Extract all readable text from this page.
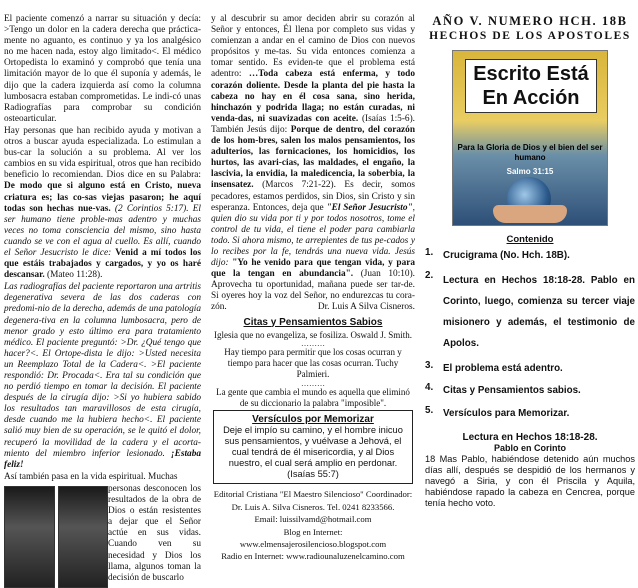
El paciente comenzó a narrar su situación y decía: >Tengo un dolor en la cadera derecha que práctica-mente no aguanto, es continuo y ya los analgésico no me hacen nada, estoy algo limitado<. El médico Ortopedista lo examinó y comprobó que tenía una limitación mayor de lo que él suponía y además, le dijo que la cadera izquierda así como la columna lumbosacra estaban comprometidas. Le indi-có unas Radiografías para comprobar su condición osteoarticular.

Hay personas que han recibido ayuda y motivan a otros a buscar ayuda especializada. Lo estimulan a bus-car la solución a su problema. Al ver los cambios en su vida espiritual, otros que han recibido beneficio lo recomiendan. Dios dice en su Palabra: De modo que si alguno está en Cristo, nueva criatura es; las co-sas viejas pasaron; he aquí todas son hechas nue-vas. (2 Corintios 5:17). El ser humano tiene proble-mas adentro y muchas veces no toma consciencia del mismo, sino hasta cuando se ve con el agua al cuello. Es allí, cuando el Señor Jesucristo le dice: Venid a mí todos los que estáis trabajados y cargados, y yo os haré descansar. (Mateo 11:28).

Las radiografías del paciente reportaron una artritis degenerativa severa de las dos caderas con predomi-nio de la derecha, además de una patología degenera-tiva en la columna lumbosacra, pero de menor grado y esto último era para tratamiento médico. El paciente preguntó: >Dr. ¿Qué tengo que hacer?<. El Ortope-dista le dijo: >Usted necesita un Reemplazo Total de la Cadera<. >El paciente respondió: Dr. Procada<. Era tal su condición que no perdió tiempo en tomar la decisión. El paciente después de la cirugía dijo: >Si yo hubiera sabido los resultados tan maravillosos de esta cirugía, desde cuando me la hubiera hecho<. El paciente salió muy bien de su operación, se le quitó el dolor, recuperó la movilidad de la cadera y el acorta-miento del miembro inferior lesionado. ¡Estaba feliz!

Así también pasa en la vida espiritual. Muchas

personas desconocen los resultados de la obra de Dios o están resistentes a dejar que el Señor actúe en sus vidas. Cuando ven su necesidad y Dios los llama, algunos toman la decisión de buscarlo

y al descubrir su amor deciden abrir su corazón al Señor y entonces, Él llena por completo sus vidas y comienzan a andar en el camino de Dios con nuevos propósitos y me-tas. Su vida entonces comienza a tomar sentido. Es eviden-te que el problema está adentro: …Toda cabeza está enferma, y todo corazón doliente. Desde la planta del pie hasta la cabeza no hay en él cosa sana, sino herida, hinchazón y podrida llaga; no están curadas, ni venda-das, ni suavizadas con aceite. (Isaías 1:5-6). También Jesús dijo: Porque de dentro, del corazón de los hom-bres, salen los malos pensamientos, los adulterios, las fornicaciones, los homicidios, los hurtos, las avari-cias, las maldades, el engaño, la lascivia, la envidia, la maledicencia, la soberbia, la insensatez. (Marcos 7:21-22). Es decir, somos pecadores, estamos perdidos, sin Dios, sin Cristo y sin esperanza. Entonces, deja que "El Señor Jesucristo", quien dio su vida por ti y por todos nosotros, tome el control de tu vida, el tiene el poder para cambiarla todo. Si ahora mismo, te arrepientes de tus pe-cados y lo recibes por la fe, tendrás una nueva vida. Jesús dijo: "Yo he venido para que tengan vida, y para que la tengan en abundancia". (Juan 10:10). Aprovecha tu oportunidad, mañana puede ser tar-de. Si oyeres hoy la voz del Señor, no endurezcas tu cora-zón.	Dr. Luis A Silva Cisneros.

Citas y Pensamientos Sabios
Iglesia que no evangeliza, se fosiliza. Oswald J. Smith.
………
Hay tiempo para permitir que los cosas ocurran y tiempo para hacer que las cosas ocurran. Tuchy Palmieri.
………
La gente que cambia el mundo es aquella que eliminó de su diccionario la palabra "imposible".
Versículos por Memorizar
Deje el impío su camino, y el hombre inicuo sus pensamientos, y vuélvase a Jehová, el cual tendrá de él misericordia, y al Dios nuestro, el cual será amplio en perdonar.
(Isaías 55:7)
Editorial Cristiana "El Maestro Silencioso" Coordinador:
Dr. Luis A. Silva Cisneros. Tel. 0241 8233566.
Email: luissilvamd@hotmail.com
Blog en Internet: www.elmensajerosilencioso.blogspot.com
Radio en Internet: www.radiounaluzenelcamino.com
AÑO V. NUMERO HCH. 18B
HECHOS DE LOS APOSTOLES
Escrito Está En Acción
Para la Gloria de Dios y el bien del ser humano
Salmo 31:15
Contenido
1.	Crucigrama (No. Hch. 18B).
2.	Lectura en Hechos 18:18-28. Pablo en Corinto, luego, comienza su tercer viaje misionero y además, el testimonio de Apolos.
3.	El problema está adentro.
4.	Citas y Pensamientos sabios.
5.	Versículos para Memorizar.
Lectura en Hechos 18:18-28.
Pablo en Corinto
18 Mas Pablo, habiéndose detenido aún muchos días allí, después se despidió de los hermanos y navegó a Siria, y con él Priscila y Aquila, habiéndose rapado la cabeza en Cencrea, porque tenía hecho voto.
